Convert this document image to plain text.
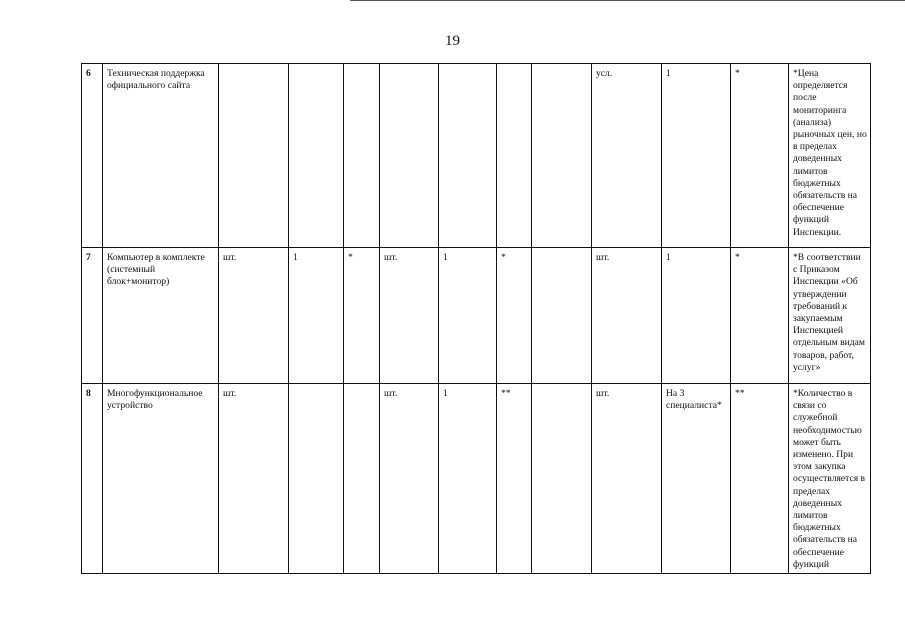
19
6	Техническая поддержка официального сайта								усл.	1	*	*Цена определяется после мониторинга (анализа) рыночных цен, но в пределах доведенных лимитов бюджетных обязательств на обеспечение функций Инспекции.
7	Компьютер в комплекте (системный блок+монитор)	шт.	1	*	шт.	1	*		шт.	1	*	*В соответствии с Приказом Инспекции «Об утверждении требований к закупаемым Инспекцией отдельным видам товаров, работ, услуг»
8	Многофункциональное устройство	шт.			шт.	1	**		шт.	На 3 специалиста*	**	*Количество в связи со служебной необходимостью может быть изменено. При этом закупка осуществляется в пределах доведенных лимитов бюджетных обязательств на обеспечение функций
